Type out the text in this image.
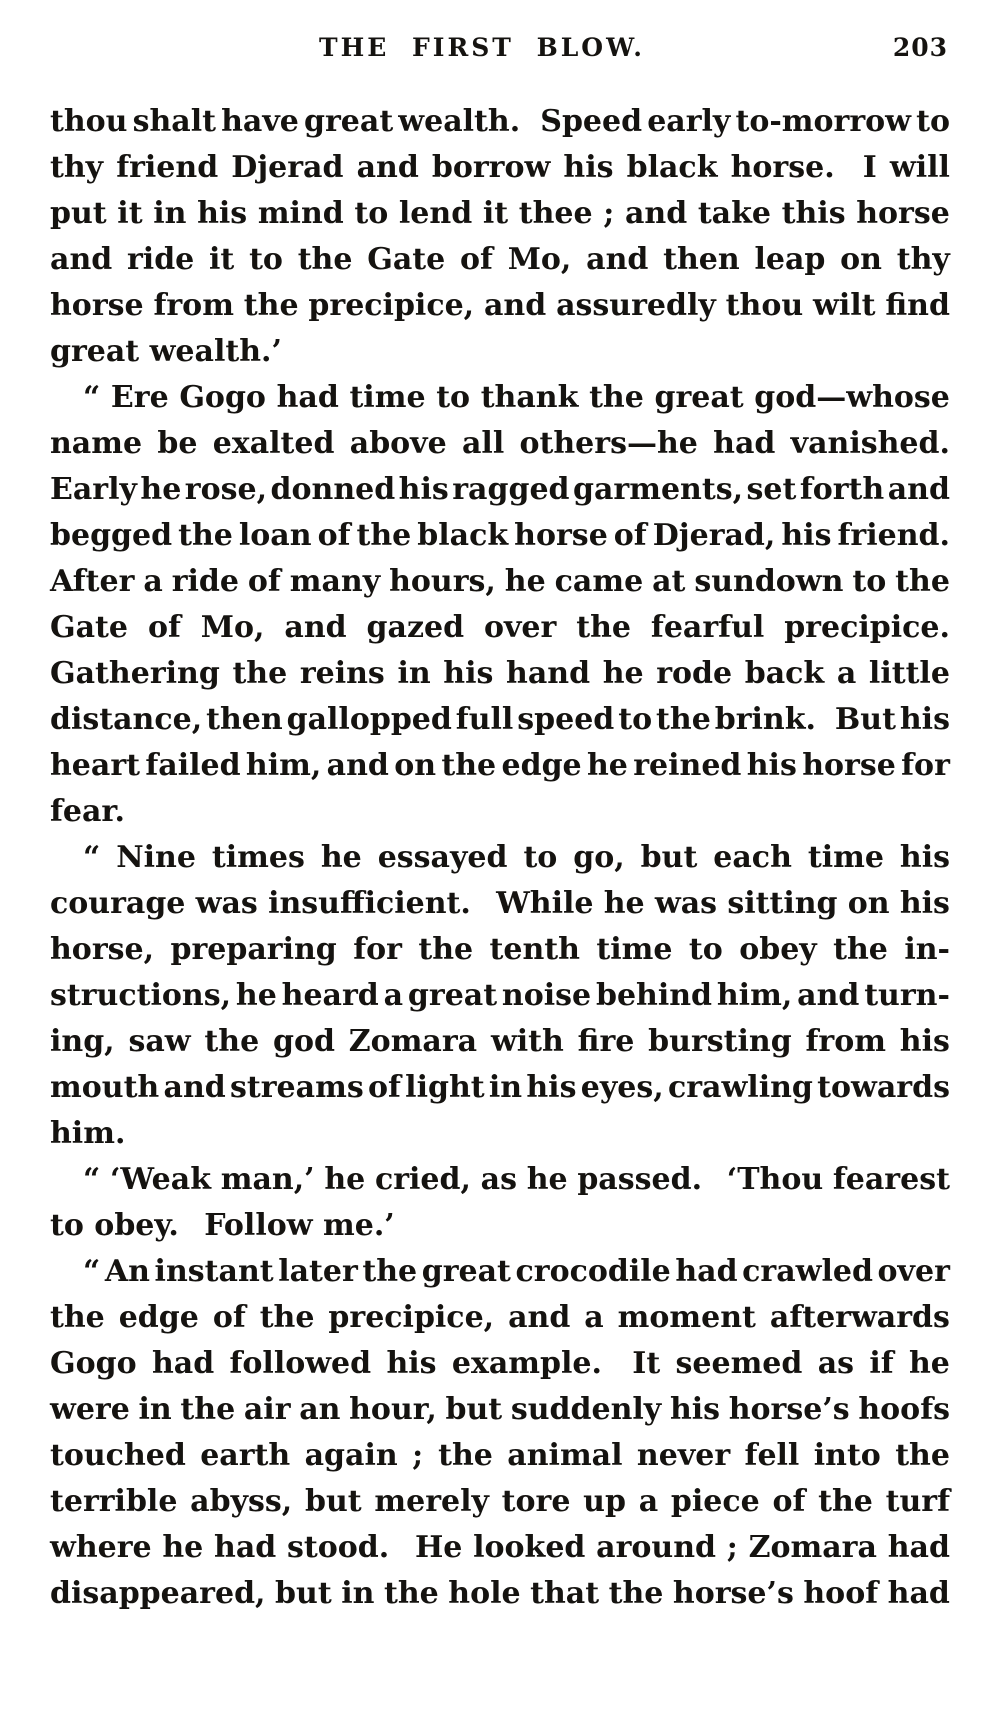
THE FIRST BLOW.	203
thou shalt have great wealth.  Speed early to-morrow to
thy friend Djerad and borrow his black horse.  I will
put it in his mind to lend it thee ; and take this horse
and ride it to the Gate of Mo, and then leap on thy
horse from the precipice, and assuredly thou wilt find
great wealth.’
“ Ere Gogo had time to thank the great god—whose
name be exalted above all others—he had vanished.
Early he rose, donned his ragged garments, set forth and
begged the loan of the black horse of Djerad, his friend.
After a ride of many hours, he came at sundown to the
Gate of Mo, and gazed over the fearful precipice.
Gathering the reins in his hand he rode back a little
distance, then gallopped full speed to the brink.  But his
heart failed him, and on the edge he reined his horse for
fear.
“ Nine times he essayed to go, but each time his
courage was insufficient.  While he was sitting on his
horse, preparing for the tenth time to obey the in-
structions, he heard a great noise behind him, and turn-
ing, saw the god Zomara with fire bursting from his
mouth and streams of light in his eyes, crawling towards
him.
“ ‘Weak man,’ he cried, as he passed.  ‘Thou fearest
to obey.  Follow me.’
“ An instant later the great crocodile had crawled over
the edge of the precipice, and a moment afterwards
Gogo had followed his example.  It seemed as if he
were in the air an hour, but suddenly his horse’s hoofs
touched earth again ; the animal never fell into the
terrible abyss, but merely tore up a piece of the turf
where he had stood.  He looked around ; Zomara had
disappeared, but in the hole that the horse’s hoof had
